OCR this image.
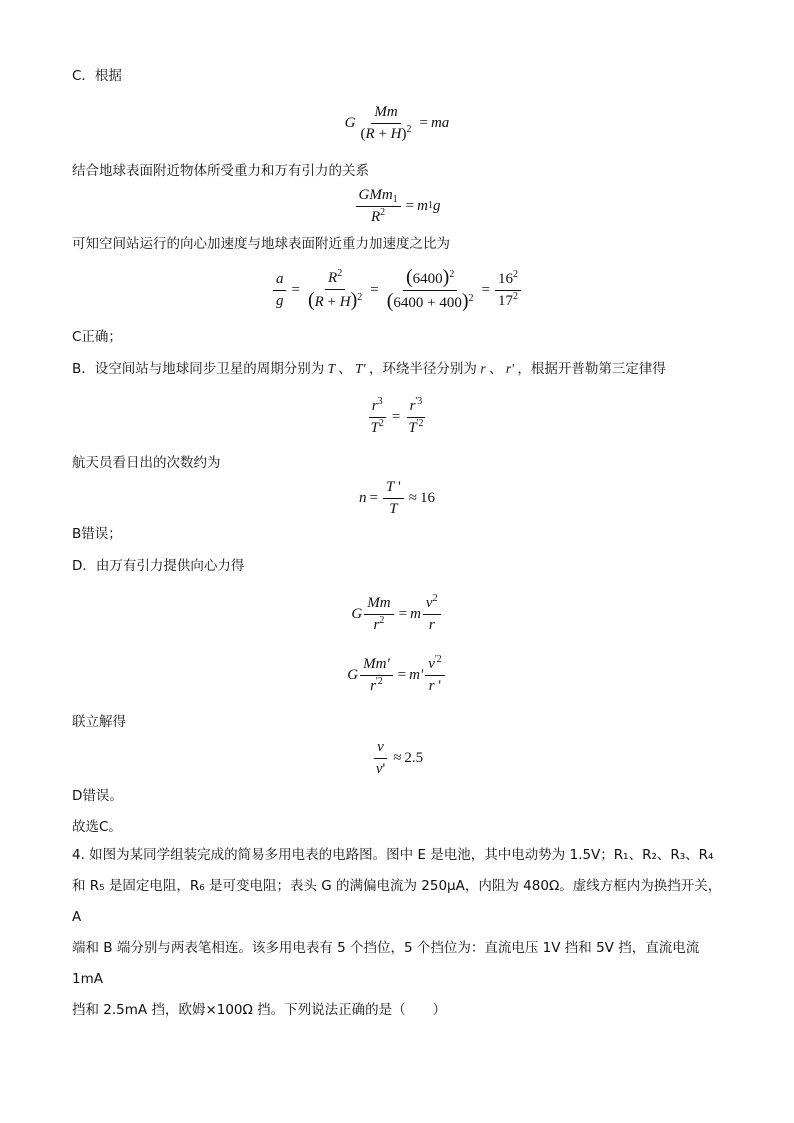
C．根据
G $\frac{Mm}{(R + H)^2}$ = ma
结合地球表面附近物体所受重力和万有引力的关系
$\frac{GMm_1}{R^2} = m$ 1 g
可知空间站运行的向心加速度与地球表面附近重力加速度之比为
$\frac{a}{g} = \frac{R^2}{(R + H)^2} = \frac{(6400)^2}{(6400 + 400)^2} = \frac{16^2}{17^2}$
C正确；
B．设空间站与地球同步卫星的周期分别为 T 、 T' ，环绕半径分别为 r 、 r' ，根据开普勒第三定律得
$\frac{r^3}{T^2} = \frac{r^{'3}}{T^{'2}}$
航天员看日出的次数约为
$n = \frac{T '}{T} \approx 16$
B错误；
D．由万有引力提供向心力得
G $\frac{Mm}{r^2} = m \frac{v^2}{r}$
G $\frac{Mm'}{r^{'2}} = m' \frac{v^{'2}}{r '}$
联立解得
$\frac{v}{v'} \approx 2.5$
D错误。
故选C。
4. 如图为某同学组装完成的简易多用电表的电路图。图中 E 是电池，其中电动势为 1.5V；R₁、R₂、R₃、R₄
和 R₅ 是固定电阻，R₆ 是可变电阻；表头 G 的满偏电流为 250μA，内阻为 480Ω。虚线方框内为换挡开关，A
端和 B 端分别与两表笔相连。该多用电表有 5 个挡位，5 个挡位为：直流电压 1V 挡和 5V 挡，直流电流 1mA
挡和 2.5mA 挡，欧姆×100Ω 挡。下列说法正确的是（　　）
